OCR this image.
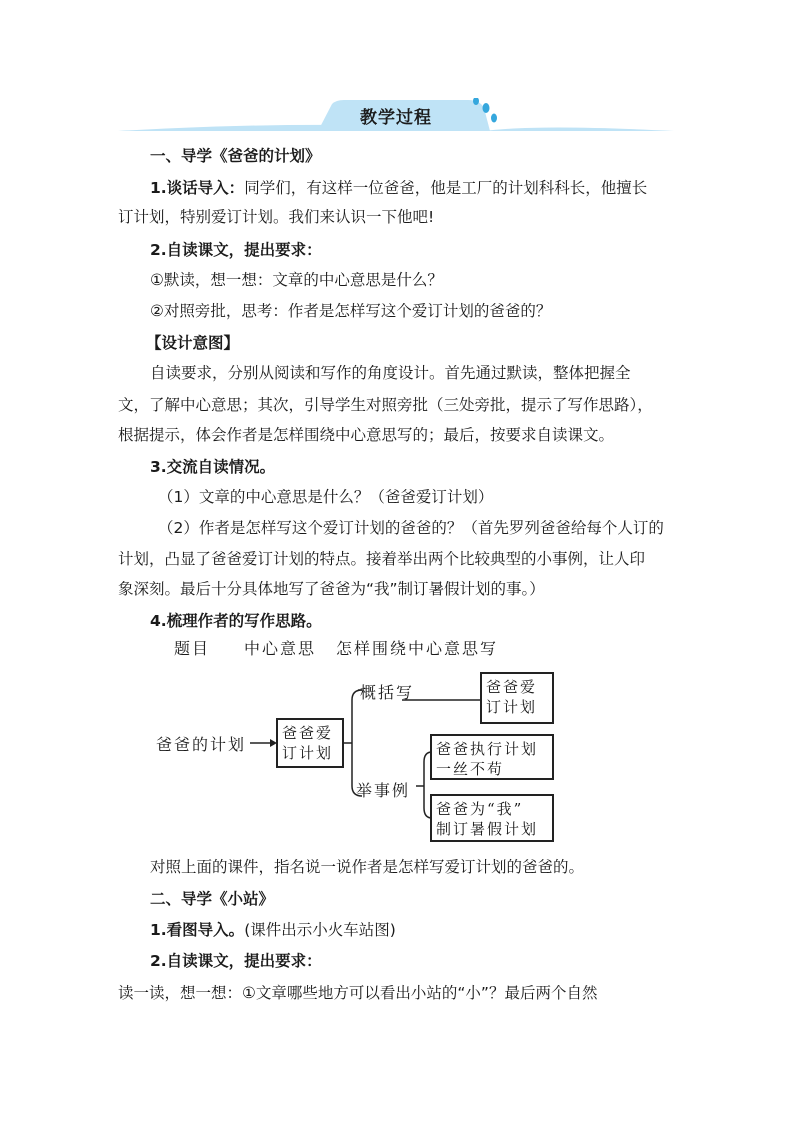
教学过程
一、导学《爸爸的计划》
1.谈话导入：同学们，有这样一位爸爸，他是工厂的计划科科长，他擅长
订计划，特别爱订计划。我们来认识一下他吧!
2.自读课文，提出要求：
①默读，想一想：文章的中心意思是什么？
②对照旁批，思考：作者是怎样写这个爱订计划的爸爸的？
【设计意图】
自读要求，分别从阅读和写作的角度设计。首先通过默读，整体把握全
文，了解中心意思；其次，引导学生对照旁批（三处旁批，提示了写作思路），
根据提示，体会作者是怎样围绕中心意思写的；最后，按要求自读课文。
3.交流自读情况。
（1）文章的中心意思是什么？（爸爸爱订计划）
（2）作者是怎样写这个爱订计划的爸爸的？（首先罗列爸爸给每个人订的
计划，凸显了爸爸爱订计划的特点。接着举出两个比较典型的小事例，让人印
象深刻。最后十分具体地写了爸爸为“我”制订暑假计划的事。）
4.梳理作者的写作思路。
题目 中心意思 怎样围绕中心意思写
爸爸的计划
爸爸爱
订计划
概括写
举事例
爸爸爱
订计划
爸爸执行计划
一丝不苟
爸爸为“我”
制订暑假计划
对照上面的课件，指名说一说作者是怎样写爱订计划的爸爸的。
二、导学《小站》
1.看图导入。(课件出示小火车站图)
2.自读课文，提出要求：
读一读，想一想：①文章哪些地方可以看出小站的“小”？最后两个自然
